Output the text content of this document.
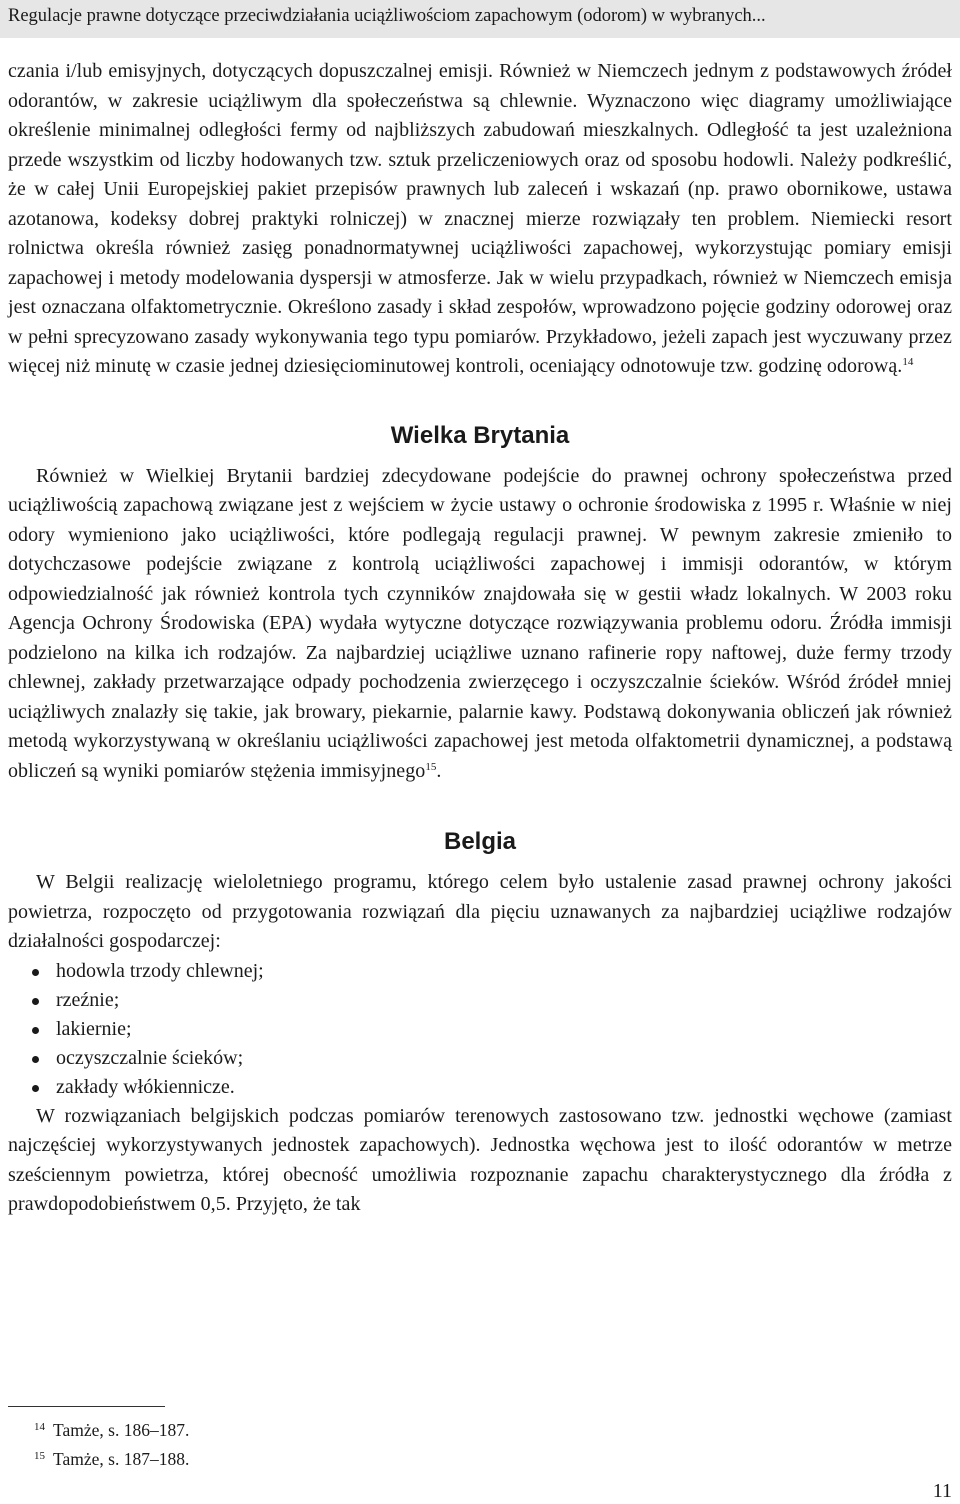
Regulacje prawne dotyczące przeciwdziałania uciążliwościom zapachowym (odorom) w wybranych...

czania i/lub emisyjnych, dotyczących dopuszczalnej emisji. Również w Niemczech jednym z podstawowych źródeł odorantów, w zakresie uciążliwym dla społeczeństwa są chlewnie. Wyznaczono więc diagramy umożliwiające określenie minimalnej odległości fermy od najbliższych zabudowań mieszkalnych. Odległość ta jest uzależniona przede wszystkim od liczby hodowanych tzw. sztuk przeliczeniowych oraz od sposobu hodowli. Należy podkreślić, że w całej Unii Europejskiej pakiet przepisów prawnych lub zaleceń i wskazań (np. prawo obornikowe, ustawa azotanowa, kodeksy dobrej praktyki rolniczej) w znacznej mierze rozwiązały ten problem. Niemiecki resort rolnictwa określa również zasięg ponadnormatywnej uciążliwości zapachowej, wykorzystując pomiary emisji zapachowej i metody modelowania dyspersji w atmosferze. Jak w wielu przypadkach, również w Niemczech emisja jest oznaczana olfaktometrycznie. Określono zasady i skład zespołów, wprowadzono pojęcie godziny odorowej oraz w pełni sprecyzowano zasady wykonywania tego typu pomiarów. Przykładowo, jeżeli zapach jest wyczuwany przez więcej niż minutę w czasie jednej dziesięciominutowej kontroli, oceniający odnotowuje tzw. godzinę odorową.$^{14}$

Wielka Brytania

Również w Wielkiej Brytanii bardziej zdecydowane podejście do prawnej ochrony społeczeństwa przed uciążliwością zapachową związane jest z wejściem w życie ustawy o ochronie środowiska z 1995 r. Właśnie w niej odory wymieniono jako uciążliwości, które podlegają regulacji prawnej. W pewnym zakresie zmieniło to dotychczasowe podejście związane z kontrolą uciążliwości zapachowej i immisji odorantów, w którym odpowiedzialność jak również kontrola tych czynników znajdowała się w gestii władz lokalnych. W 2003 roku Agencja Ochrony Środowiska (EPA) wydała wytyczne dotyczące rozwiązywania problemu odoru. Źródła immisji podzielono na kilka ich rodzajów. Za najbardziej uciążliwe uznano rafinerie ropy naftowej, duże fermy trzody chlewnej, zakłady przetwarzające odpady pochodzenia zwierzęcego i oczyszczalnie ścieków. Wśród źródeł mniej uciążliwych znalazły się takie, jak browary, piekarnie, palarnie kawy. Podstawą dokonywania obliczeń jak również metodą wykorzystywaną w określaniu uciążliwości zapachowej jest metoda olfaktometrii dynamicznej, a podstawą obliczeń są wyniki pomiarów stężenia immisyjnego$^{15}$.

Belgia

W Belgii realizację wieloletniego programu, którego celem było ustalenie zasad prawnej ochrony jakości powietrza, rozpoczęto od przygotowania rozwiązań dla pięciu uznawanych za najbardziej uciążliwe rodzajów działalności gospodarczej:

hodowla trzody chlewnej;
rzeźnie;
lakiernie;
oczyszczalnie ścieków;
zakłady włókiennicze.

W rozwiązaniach belgijskich podczas pomiarów terenowych zastosowano tzw. jednostki węchowe (zamiast najczęściej wykorzystywanych jednostek zapachowych). Jednostka węchowa jest to ilość odorantów w metrze sześciennym powietrza, której obecność umożliwia rozpoznanie zapachu charakterystycznego dla źródła z prawdopodobieństwem 0,5. Przyjęto, że tak

$^{14}$ Tamże, s. 186–187.
$^{15}$ Tamże, s. 187–188.
11
